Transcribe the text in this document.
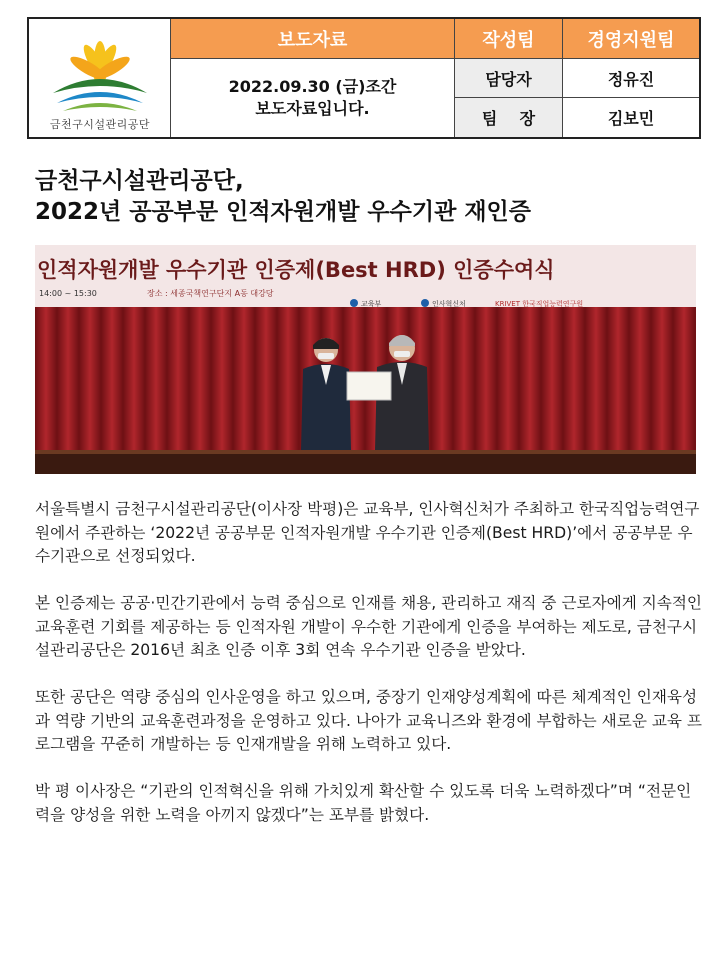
금천구시설관리공단
보도자료	작성팀	경영지원팀
2022.09.30 (금)조간
보도자료입니다.
담당자	정유진
팀    장	김보민
금천구시설관리공단,
2022년 공공부문 인적자원개발 우수기관 재인증
인적자원개발 우수기관 인증제(Best HRD) 인증수여식
14:00 ~ 15:30	장소 : 세종국책연구단지 A동 대강당
교육부	인사혁신처	KRIVET 한국직업능력연구원

서울특별시 금천구시설관리공단(이사장 박평)은 교육부, 인사혁신처가 주최하고 한국직업능력연구원에서 주관하는 ‘2022년 공공부문 인적자원개발 우수기관 인증제(Best HRD)’에서 공공부문 우수기관으로 선정되었다.

본 인증제는 공공·민간기관에서 능력 중심으로 인재를 채용, 관리하고 재직 중 근로자에게 지속적인 교육훈련 기회를 제공하는 등 인적자원 개발이 우수한 기관에게 인증을 부여하는 제도로, 금천구시설관리공단은 2016년 최초 인증 이후 3회 연속 우수기관 인증을 받았다.

또한 공단은 역량 중심의 인사운영을 하고 있으며, 중장기 인재양성계획에 따른 체계적인 인재육성과 역량 기반의 교육훈련과정을 운영하고 있다. 나아가 교육니즈와 환경에 부합하는 새로운 교육 프로그램을 꾸준히 개발하는 등 인재개발을 위해 노력하고 있다.

박 평 이사장은 “기관의 인적혁신을 위해 가치있게 확산할 수 있도록 더욱 노력하겠다”며 “전문인력을 양성을 위한 노력을 아끼지 않겠다”는 포부를 밝혔다.
